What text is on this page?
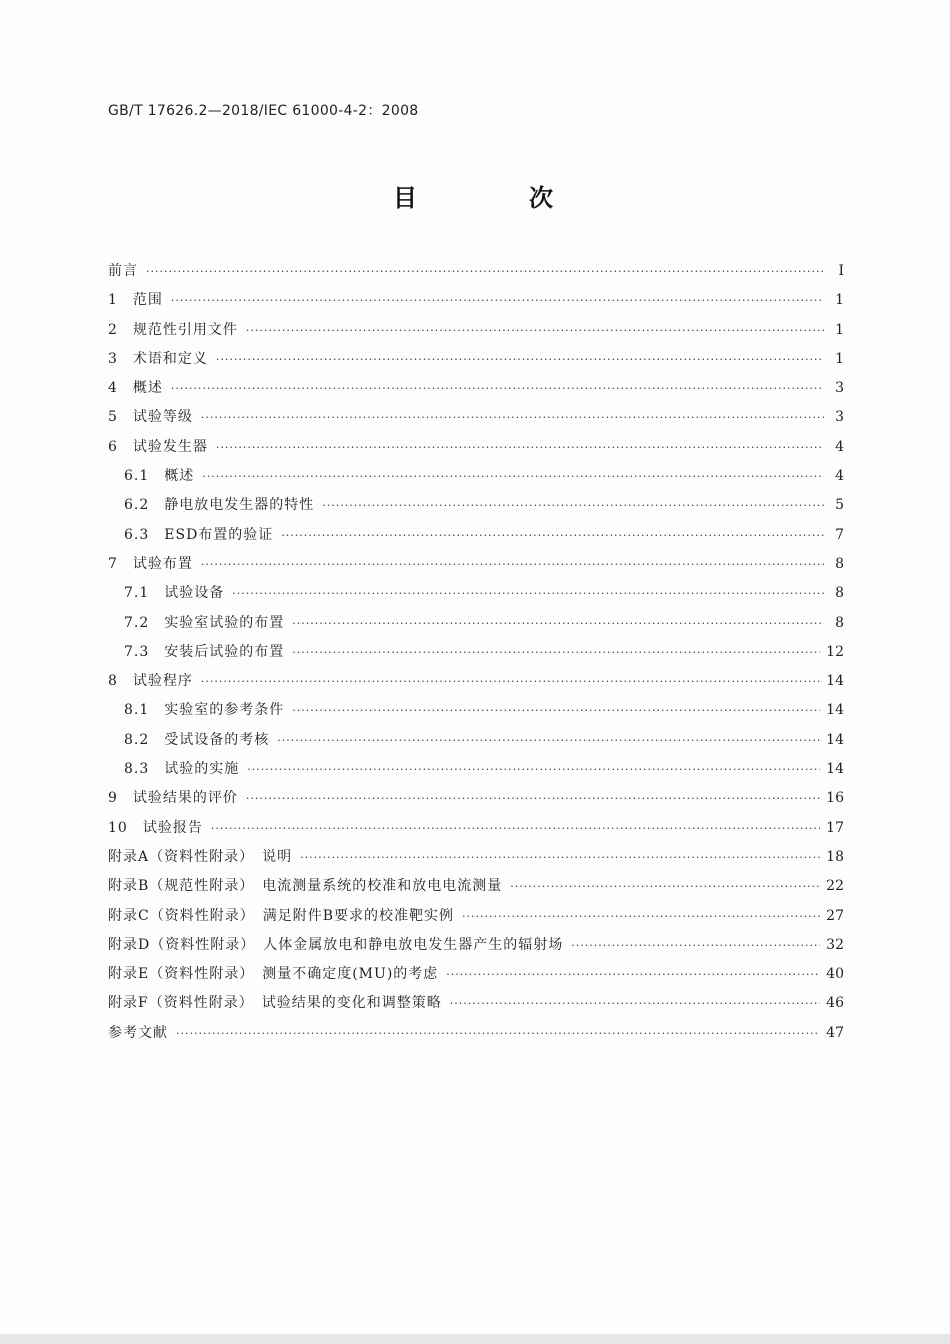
GB/T 17626.2—2018/IEC 61000-4-2：2008
目　次
前言 ·····	Ⅰ
1　范围 ·····	1
2　规范性引用文件 ·····	1
3　术语和定义 ·····	1
4　概述 ·····	3
5　试验等级 ·····	3
6　试验发生器 ·····	4
6.1　概述 ·····	4
6.2　静电放电发生器的特性 ·····	5
6.3　ESD布置的验证 ·····	7
7　试验布置 ·····	8
7.1　试验设备 ·····	8
7.2　实验室试验的布置 ·····	8
7.3　安装后试验的布置 ·····	12
8　试验程序 ·····	14
8.1　实验室的参考条件 ·····	14
8.2　受试设备的考核 ·····	14
8.3　试验的实施 ·····	14
9　试验结果的评价 ·····	16
10　试验报告 ·····	17
附录A（资料性附录）　说明 ·····	18
附录B（规范性附录）　电流测量系统的校准和放电电流测量 ·····	22
附录C（资料性附录）　满足附件B要求的校准靶实例 ·····	27
附录D（资料性附录）　人体金属放电和静电放电发生器产生的辐射场 ·····	32
附录E（资料性附录）　测量不确定度(MU)的考虑 ·····	40
附录F（资料性附录）　试验结果的变化和调整策略 ·····	46
参考文献 ·····	47
